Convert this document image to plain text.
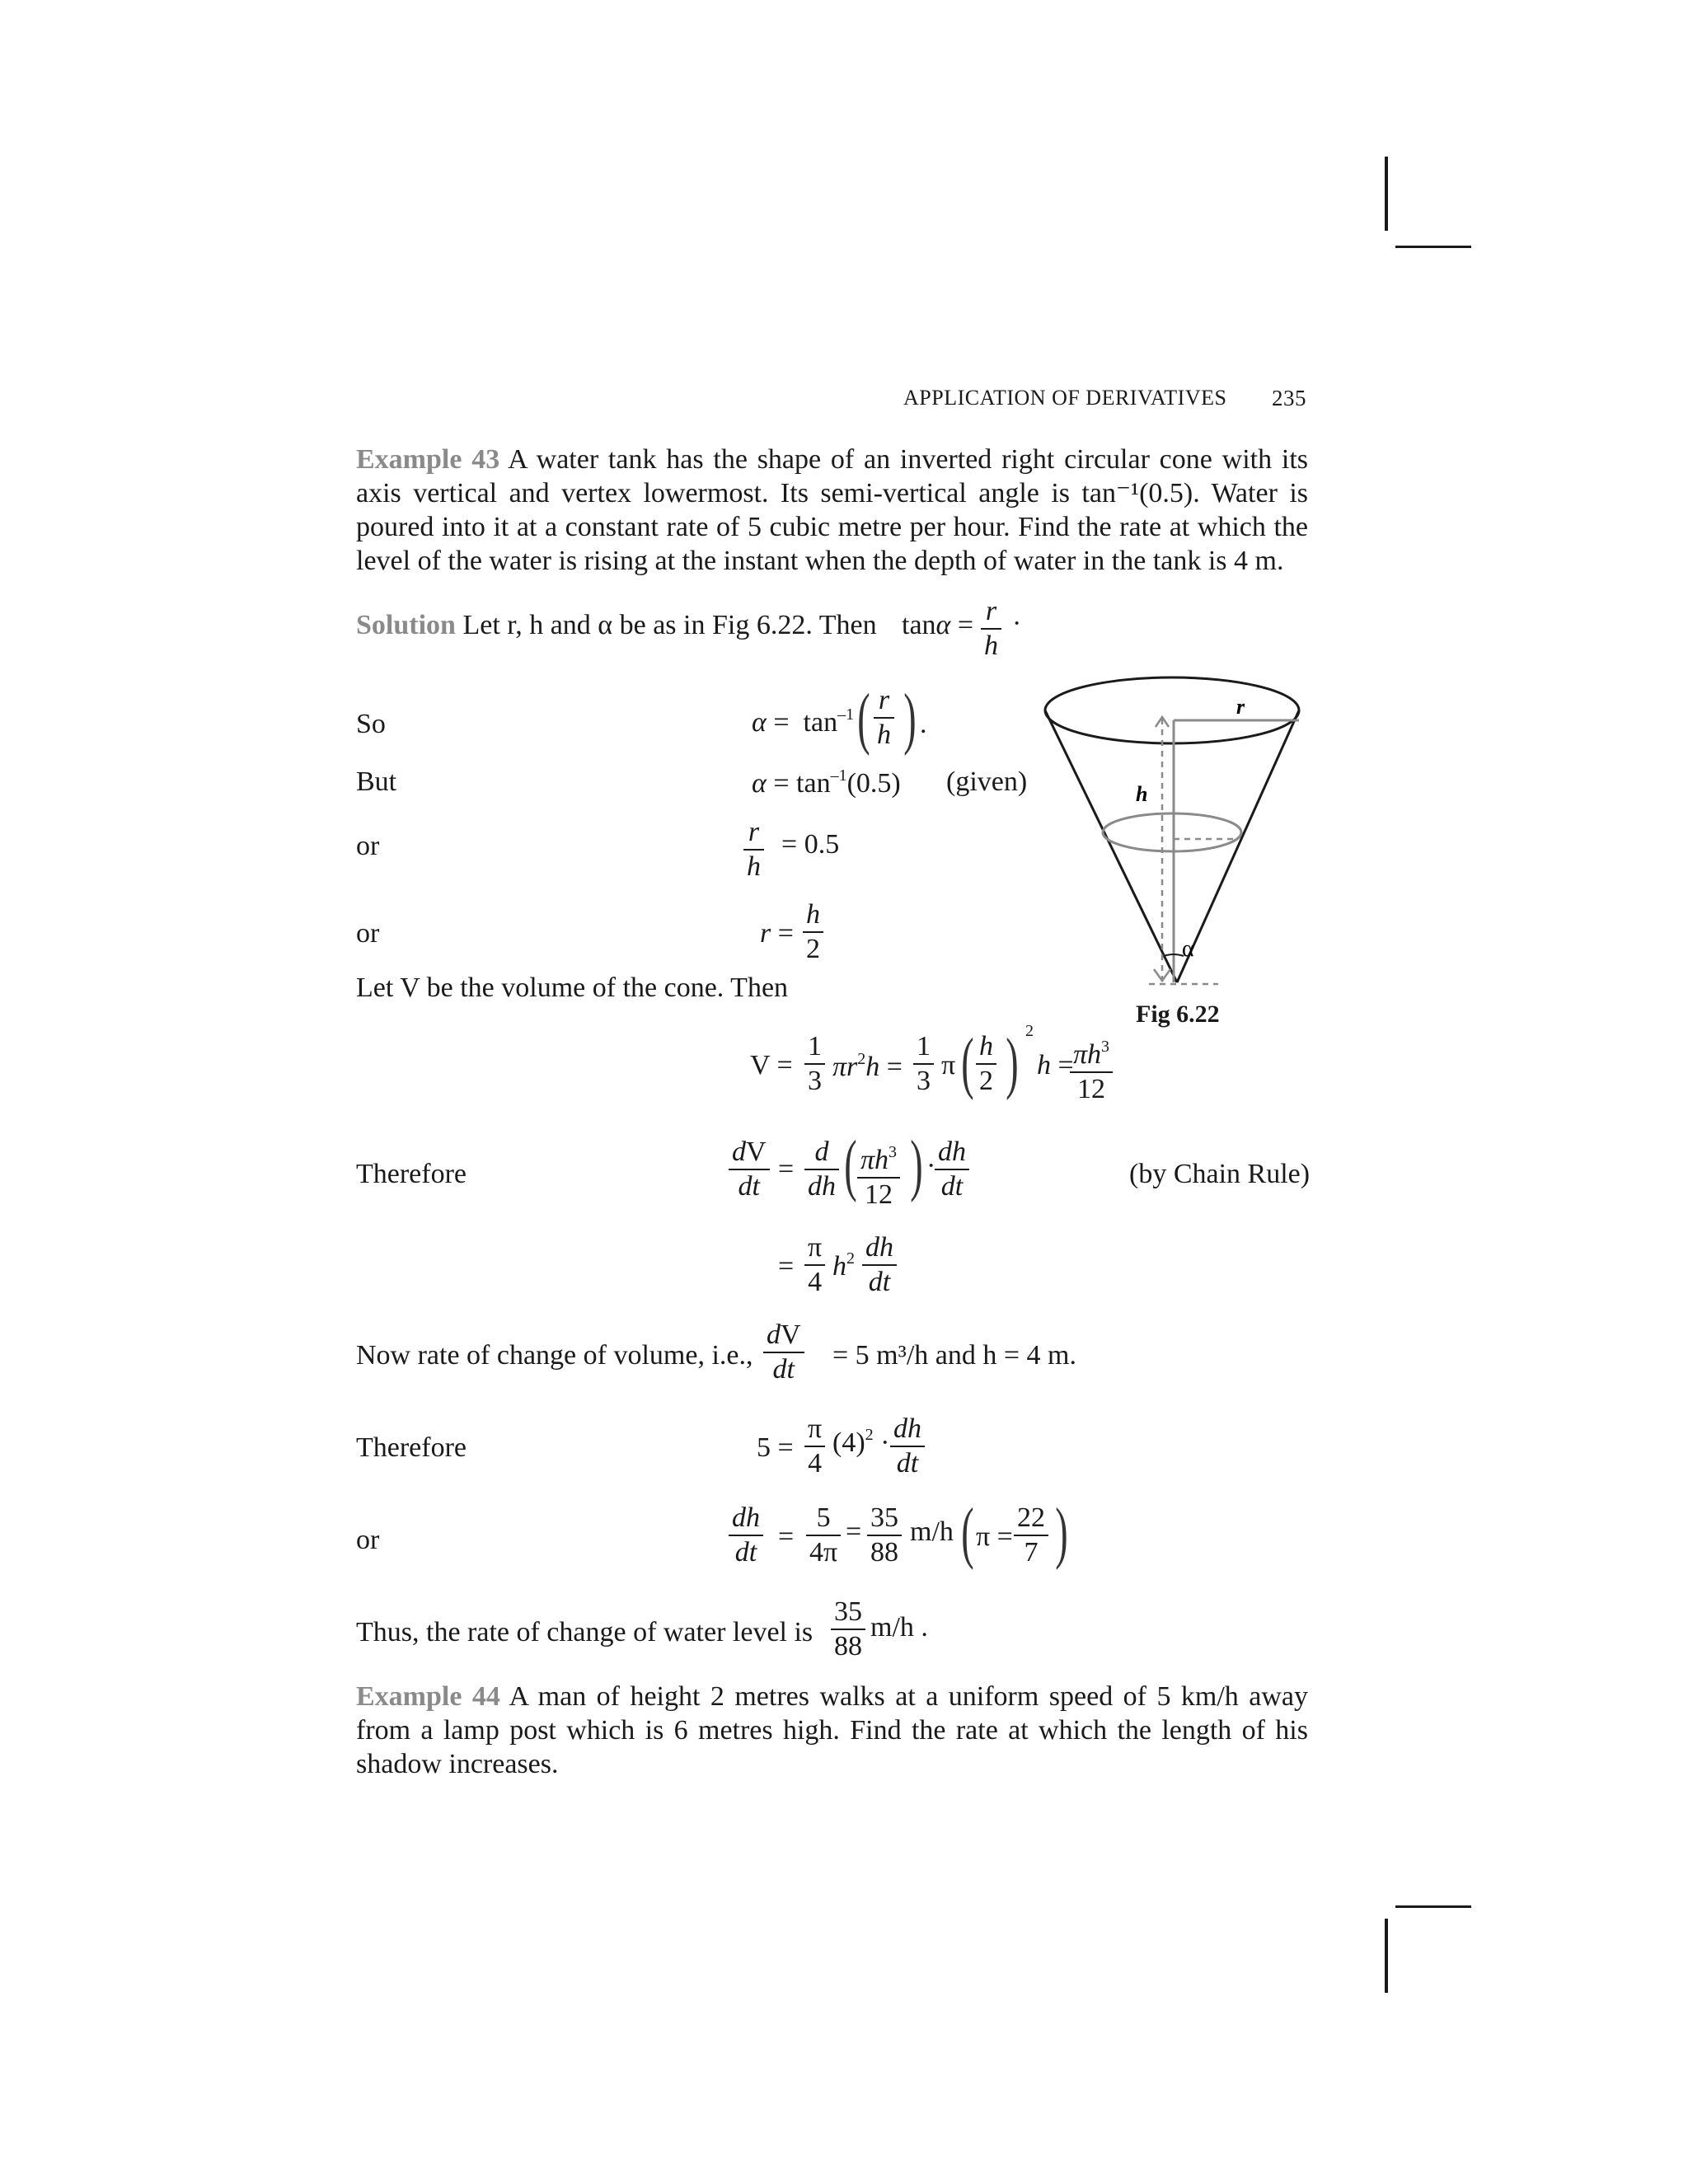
APPLICATION OF DERIVATIVES 235
Example 43 A water tank has the shape of an inverted right circular cone with its axis vertical and vertex lowermost. Its semi-vertical angle is tan⁻¹(0.5). Water is poured into it at a constant rate of 5 cubic metre per hour. Find the rate at which the level of the water is rising at the instant when the depth of water in the tank is 4 m.
Solution Let r, h and α be as in Fig 6.22. Then tanα = r
h
·
So	$\alpha = \tan^{-1}$ ( r
h ) .
But	$\alpha = \tan^{-1}(0.5)$ (given)
or	r
h
= 0.5
or	r =
h
2
Let V be the volume of the cone. Then
V =
1
3 $\pi r^2h$ =
1
3
π ( h
2 ) 2
$h = \pi h^3$
12
Therefore
dV
dt
=
d
dh ( $\pi h^3$
12 ) · dh
dt	(by Chain Rule)
=
π
4
$h^2$ dh
dt
Now rate of change of volume, i.e.,
dV
dt	= 5 m³/h and h = 4 m.
Therefore	5 =
π
4
$(4)^2$ · dh
dt
or
dh
dt
=
5
4π
= 35
88
m/h ( π =
22
7 )
Thus, the rate of change of water level is
35
88
m/h .
Example 44 A man of height 2 metres walks at a uniform speed of 5 km/h away from a lamp post which is 6 metres high. Find the rate at which the length of his shadow increases.
r
h
α
Fig 6.22
